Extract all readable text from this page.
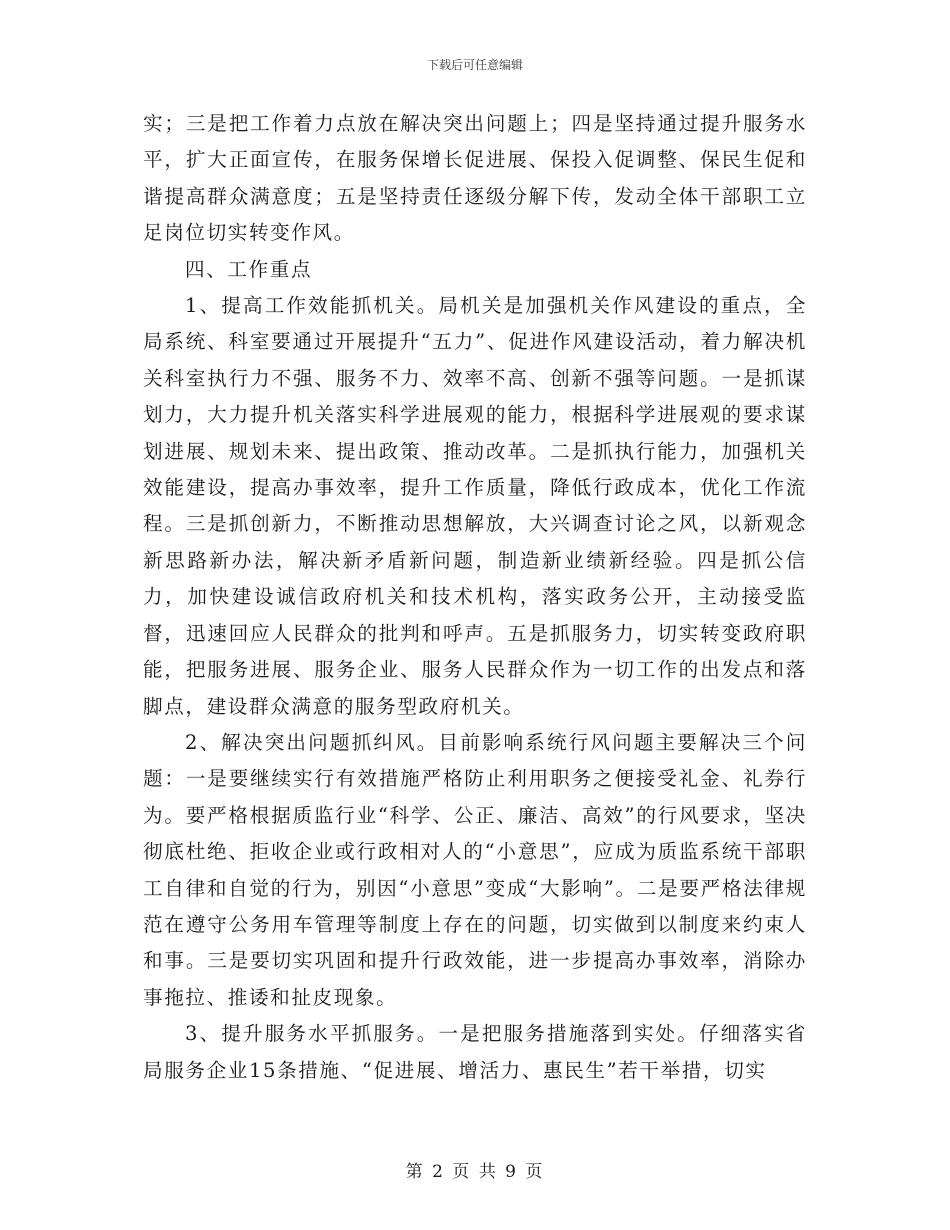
下载后可任意编辑

实；三是把工作着力点放在解决突出问题上；四是坚持通过提升服务水平，扩大正面宣传，在服务保增长促进展、保投入促调整、保民生促和谐提高群众满意度；五是坚持责任逐级分解下传，发动全体干部职工立足岗位切实转变作风。

四、工作重点

1、提高工作效能抓机关。局机关是加强机关作风建设的重点，全局系统、科室要通过开展提升“五力”、促进作风建设活动，着力解决机关科室执行力不强、服务不力、效率不高、创新不强等问题。一是抓谋划力，大力提升机关落实科学进展观的能力，根据科学进展观的要求谋划进展、规划未来、提出政策、推动改革。二是抓执行能力，加强机关效能建设，提高办事效率，提升工作质量，降低行政成本，优化工作流程。三是抓创新力，不断推动思想解放，大兴调查讨论之风，以新观念新思路新办法，解决新矛盾新问题，制造新业绩新经验。四是抓公信力，加快建设诚信政府机关和技术机构，落实政务公开，主动接受监督，迅速回应人民群众的批判和呼声。五是抓服务力，切实转变政府职能，把服务进展、服务企业、服务人民群众作为一切工作的出发点和落脚点，建设群众满意的服务型政府机关。

2、解决突出问题抓纠风。目前影响系统行风问题主要解决三个问题：一是要继续实行有效措施严格防止利用职务之便接受礼金、礼券行为。要严格根据质监行业“科学、公正、廉洁、高效”的行风要求，坚决彻底杜绝、拒收企业或行政相对人的“小意思”，应成为质监系统干部职工自律和自觉的行为，别因“小意思”变成“大影响”。二是要严格法律规范在遵守公务用车管理等制度上存在的问题，切实做到以制度来约束人和事。三是要切实巩固和提升行政效能，进一步提高办事效率，消除办事拖拉、推诿和扯皮现象。

3、提升服务水平抓服务。一是把服务措施落到实处。仔细落实省局服务企业15条措施、“促进展、增活力、惠民生”若干举措，切实

第 2 页 共 9 页
